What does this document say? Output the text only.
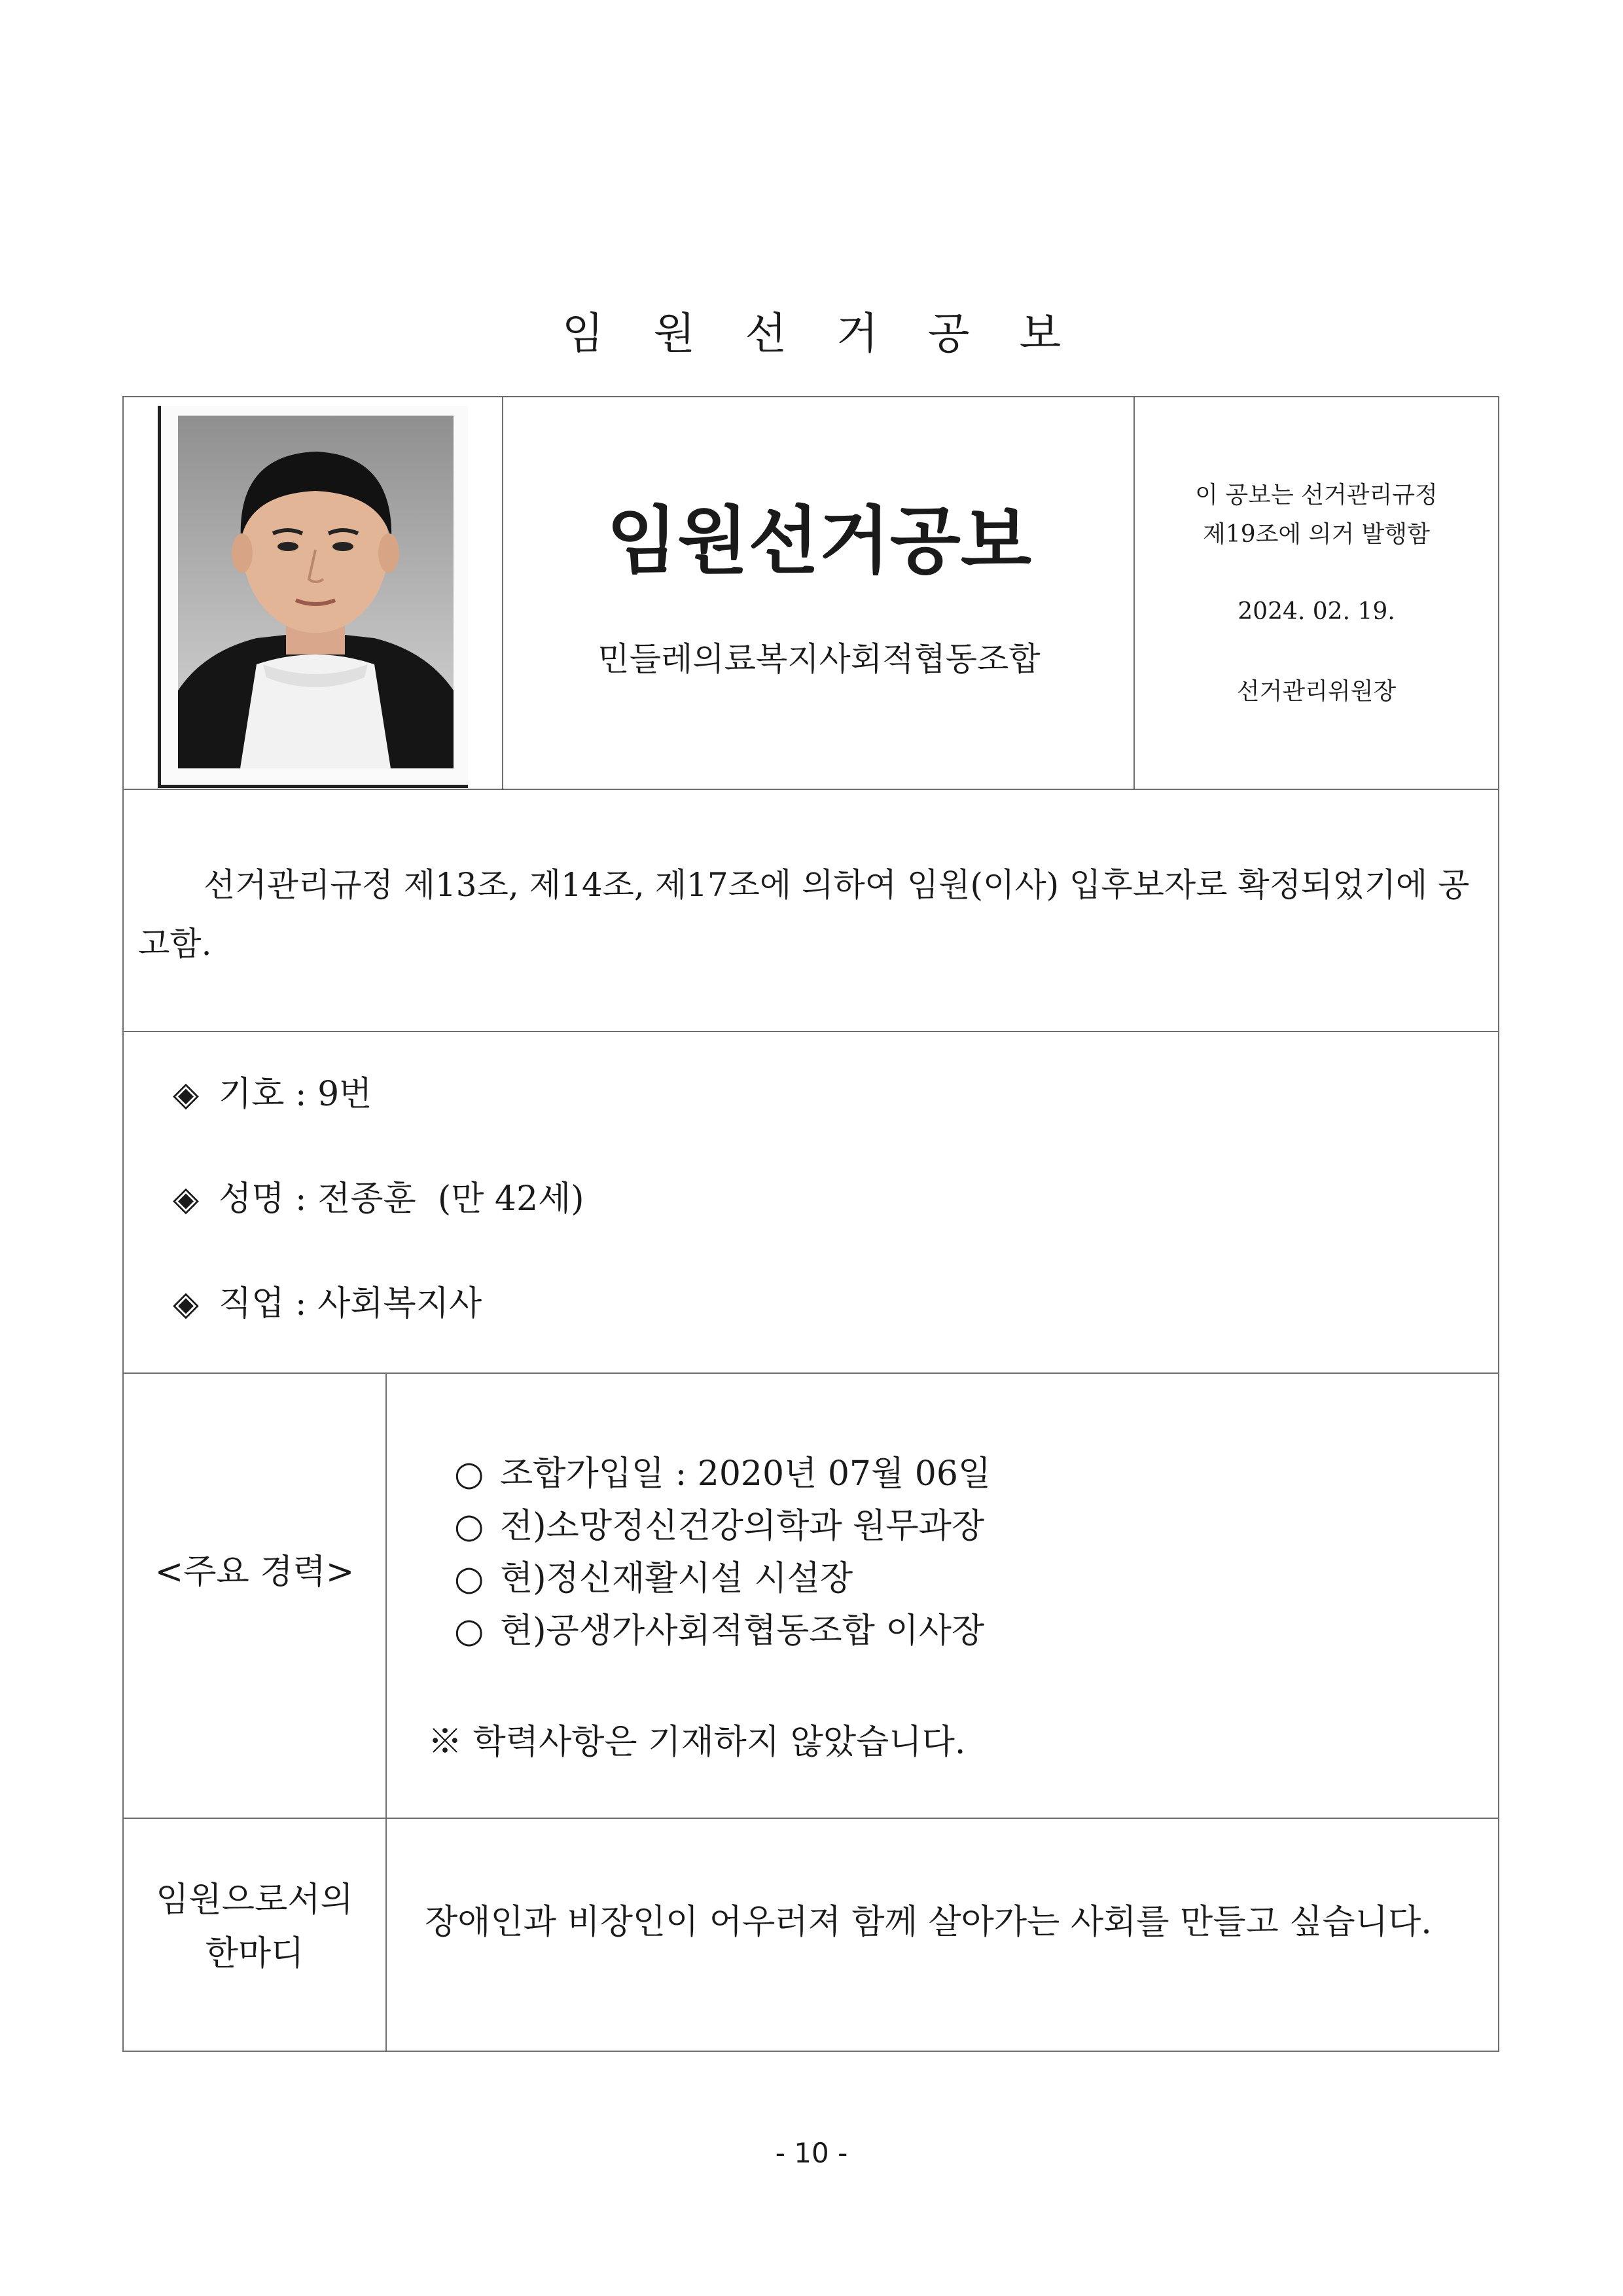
임 원 선 거 공 보
임원선거공보
민들레의료복지사회적협동조합
이 공보는 선거관리규정
제19조에 의거 발행함
2024. 02. 19.
선거관리위원장
선거관리규정 제13조, 제14조, 제17조에 의하여 임원(이사) 입후보자로 확정되었기에 공고함.
◈ 기호 : 9번
◈ 성명 : 전종훈  (만 42세)
◈ 직업 : 사회복지사
<주요 경력>
○ 조합가입일 : 2020년 07월 06일
○ 전)소망정신건강의학과 원무과장
○ 현)정신재활시설 시설장
○ 현)공생가사회적협동조합 이사장
※ 학력사항은 기재하지 않았습니다.
임원으로서의
한마디
장애인과 비장인이 어우러져 함께 살아가는 사회를 만들고 싶습니다.
- 10 -
